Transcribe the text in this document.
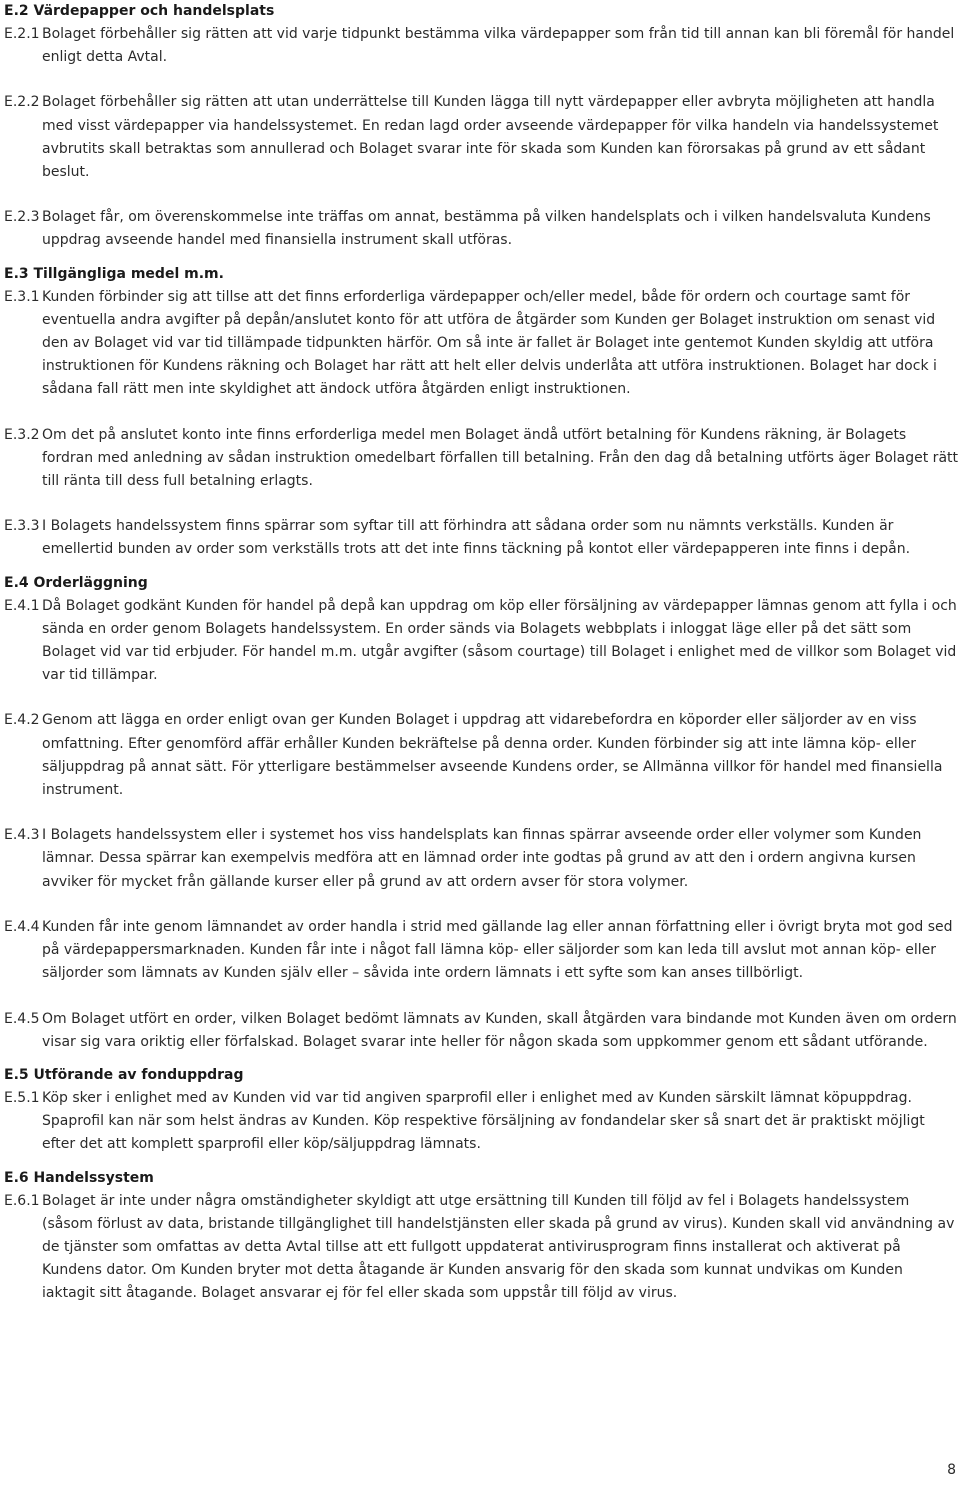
E.2 Värdepapper och handelsplats
E.2.1 Bolaget förbehåller sig rätten att vid varje tidpunkt bestämma vilka värdepapper som från tid till annan kan bli föremål för handel enligt detta Avtal.
E.2.2 Bolaget förbehåller sig rätten att utan underrättelse till Kunden lägga till nytt värdepapper eller avbryta möjligheten att handla med visst värdepapper via handelssystemet. En redan lagd order avseende värdepapper för vilka handeln via handelssystemet avbrutits skall betraktas som annullerad och Bolaget svarar inte för skada som Kunden kan förorsakas på grund av ett sådant beslut.
E.2.3 Bolaget får, om överenskommelse inte träffas om annat, bestämma på vilken handelsplats och i vilken handelsvaluta Kundens uppdrag avseende handel med finansiella instrument skall utföras.
E.3 Tillgängliga medel m.m.
E.3.1 Kunden förbinder sig att tillse att det finns erforderliga värdepapper och/eller medel, både för ordern och courtage samt för eventuella andra avgifter på depån/anslutet konto för att utföra de åtgärder som Kunden ger Bolaget instruktion om senast vid den av Bolaget vid var tid tillämpade tidpunkten härför. Om så inte är fallet är Bolaget inte gentemot Kunden skyldig att utföra instruktionen för Kundens räkning och Bolaget har rätt att helt eller delvis underlåta att utföra instruktionen. Bolaget har dock i sådana fall rätt men inte skyldighet att ändock utföra åtgärden enligt instruktionen.
E.3.2 Om det på anslutet konto inte finns erforderliga medel men Bolaget ändå utfört betalning för Kundens räkning, är Bolagets fordran med anledning av sådan instruktion omedelbart förfallen till betalning. Från den dag då betalning utförts äger Bolaget rätt till ränta till dess full betalning erlagts.
E.3.3 I Bolagets handelssystem finns spärrar som syftar till att förhindra att sådana order som nu nämnts verkställs. Kunden är emellertid bunden av order som verkställs trots att det inte finns täckning på kontot eller värdepapperen inte finns i depån.
E.4 Orderläggning
E.4.1 Då Bolaget godkänt Kunden för handel på depå kan uppdrag om köp eller försäljning av värdepapper lämnas genom att fylla i och sända en order genom Bolagets handelssystem. En order sänds via Bolagets webbplats i inloggat läge eller på det sätt som Bolaget vid var tid erbjuder. För handel m.m. utgår avgifter (såsom courtage) till Bolaget i enlighet med de villkor som Bolaget vid var tid tillämpar.
E.4.2 Genom att lägga en order enligt ovan ger Kunden Bolaget i uppdrag att vidarebefordra en köporder eller säljorder av en viss omfattning. Efter genomförd affär erhåller Kunden bekräftelse på denna order. Kunden förbinder sig att inte lämna köp- eller säljuppdrag på annat sätt. För ytterligare bestämmelser avseende Kundens order, se Allmänna villkor för handel med finansiella instrument.
E.4.3 I Bolagets handelssystem eller i systemet hos viss handelsplats kan finnas spärrar avseende order eller volymer som Kunden lämnar. Dessa spärrar kan exempelvis medföra att en lämnad order inte godtas på grund av att den i ordern angivna kursen avviker för mycket från gällande kurser eller på grund av att ordern avser för stora volymer.
E.4.4 Kunden får inte genom lämnandet av order handla i strid med gällande lag eller annan författning eller i övrigt bryta mot god sed på värdepappersmarknaden. Kunden får inte i något fall lämna köp- eller säljorder som kan leda till avslut mot annan köp- eller säljorder som lämnats av Kunden själv eller – såvida inte ordern lämnats i ett syfte som kan anses tillbörligt.
E.4.5 Om Bolaget utfört en order, vilken Bolaget bedömt lämnats av Kunden, skall åtgärden vara bindande mot Kunden även om ordern visar sig vara oriktig eller förfalskad. Bolaget svarar inte heller för någon skada som uppkommer genom ett sådant utförande.
E.5 Utförande av fonduppdrag
E.5.1 Köp sker i enlighet med av Kunden vid var tid angiven sparprofil eller i enlighet med av Kunden särskilt lämnat köpuppdrag. Spaprofil kan när som helst ändras av Kunden. Köp respektive försäljning av fondandelar sker så snart det är praktiskt möjligt efter det att komplett sparprofil eller köp/säljuppdrag lämnats.
E.6 Handelssystem
E.6.1 Bolaget är inte under några omständigheter skyldigt att utge ersättning till Kunden till följd av fel i Bolagets handelssystem (såsom förlust av data, bristande tillgänglighet till handelstjänsten eller skada på grund av virus). Kunden skall vid användning av de tjänster som omfattas av detta Avtal tillse att ett fullgott uppdaterat antivirusprogram finns installerat och aktiverat på Kundens dator. Om Kunden bryter mot detta åtagande är Kunden ansvarig för den skada som kunnat undvikas om Kunden iaktagit sitt åtagande. Bolaget ansvarar ej för fel eller skada som uppstår till följd av virus.
8
